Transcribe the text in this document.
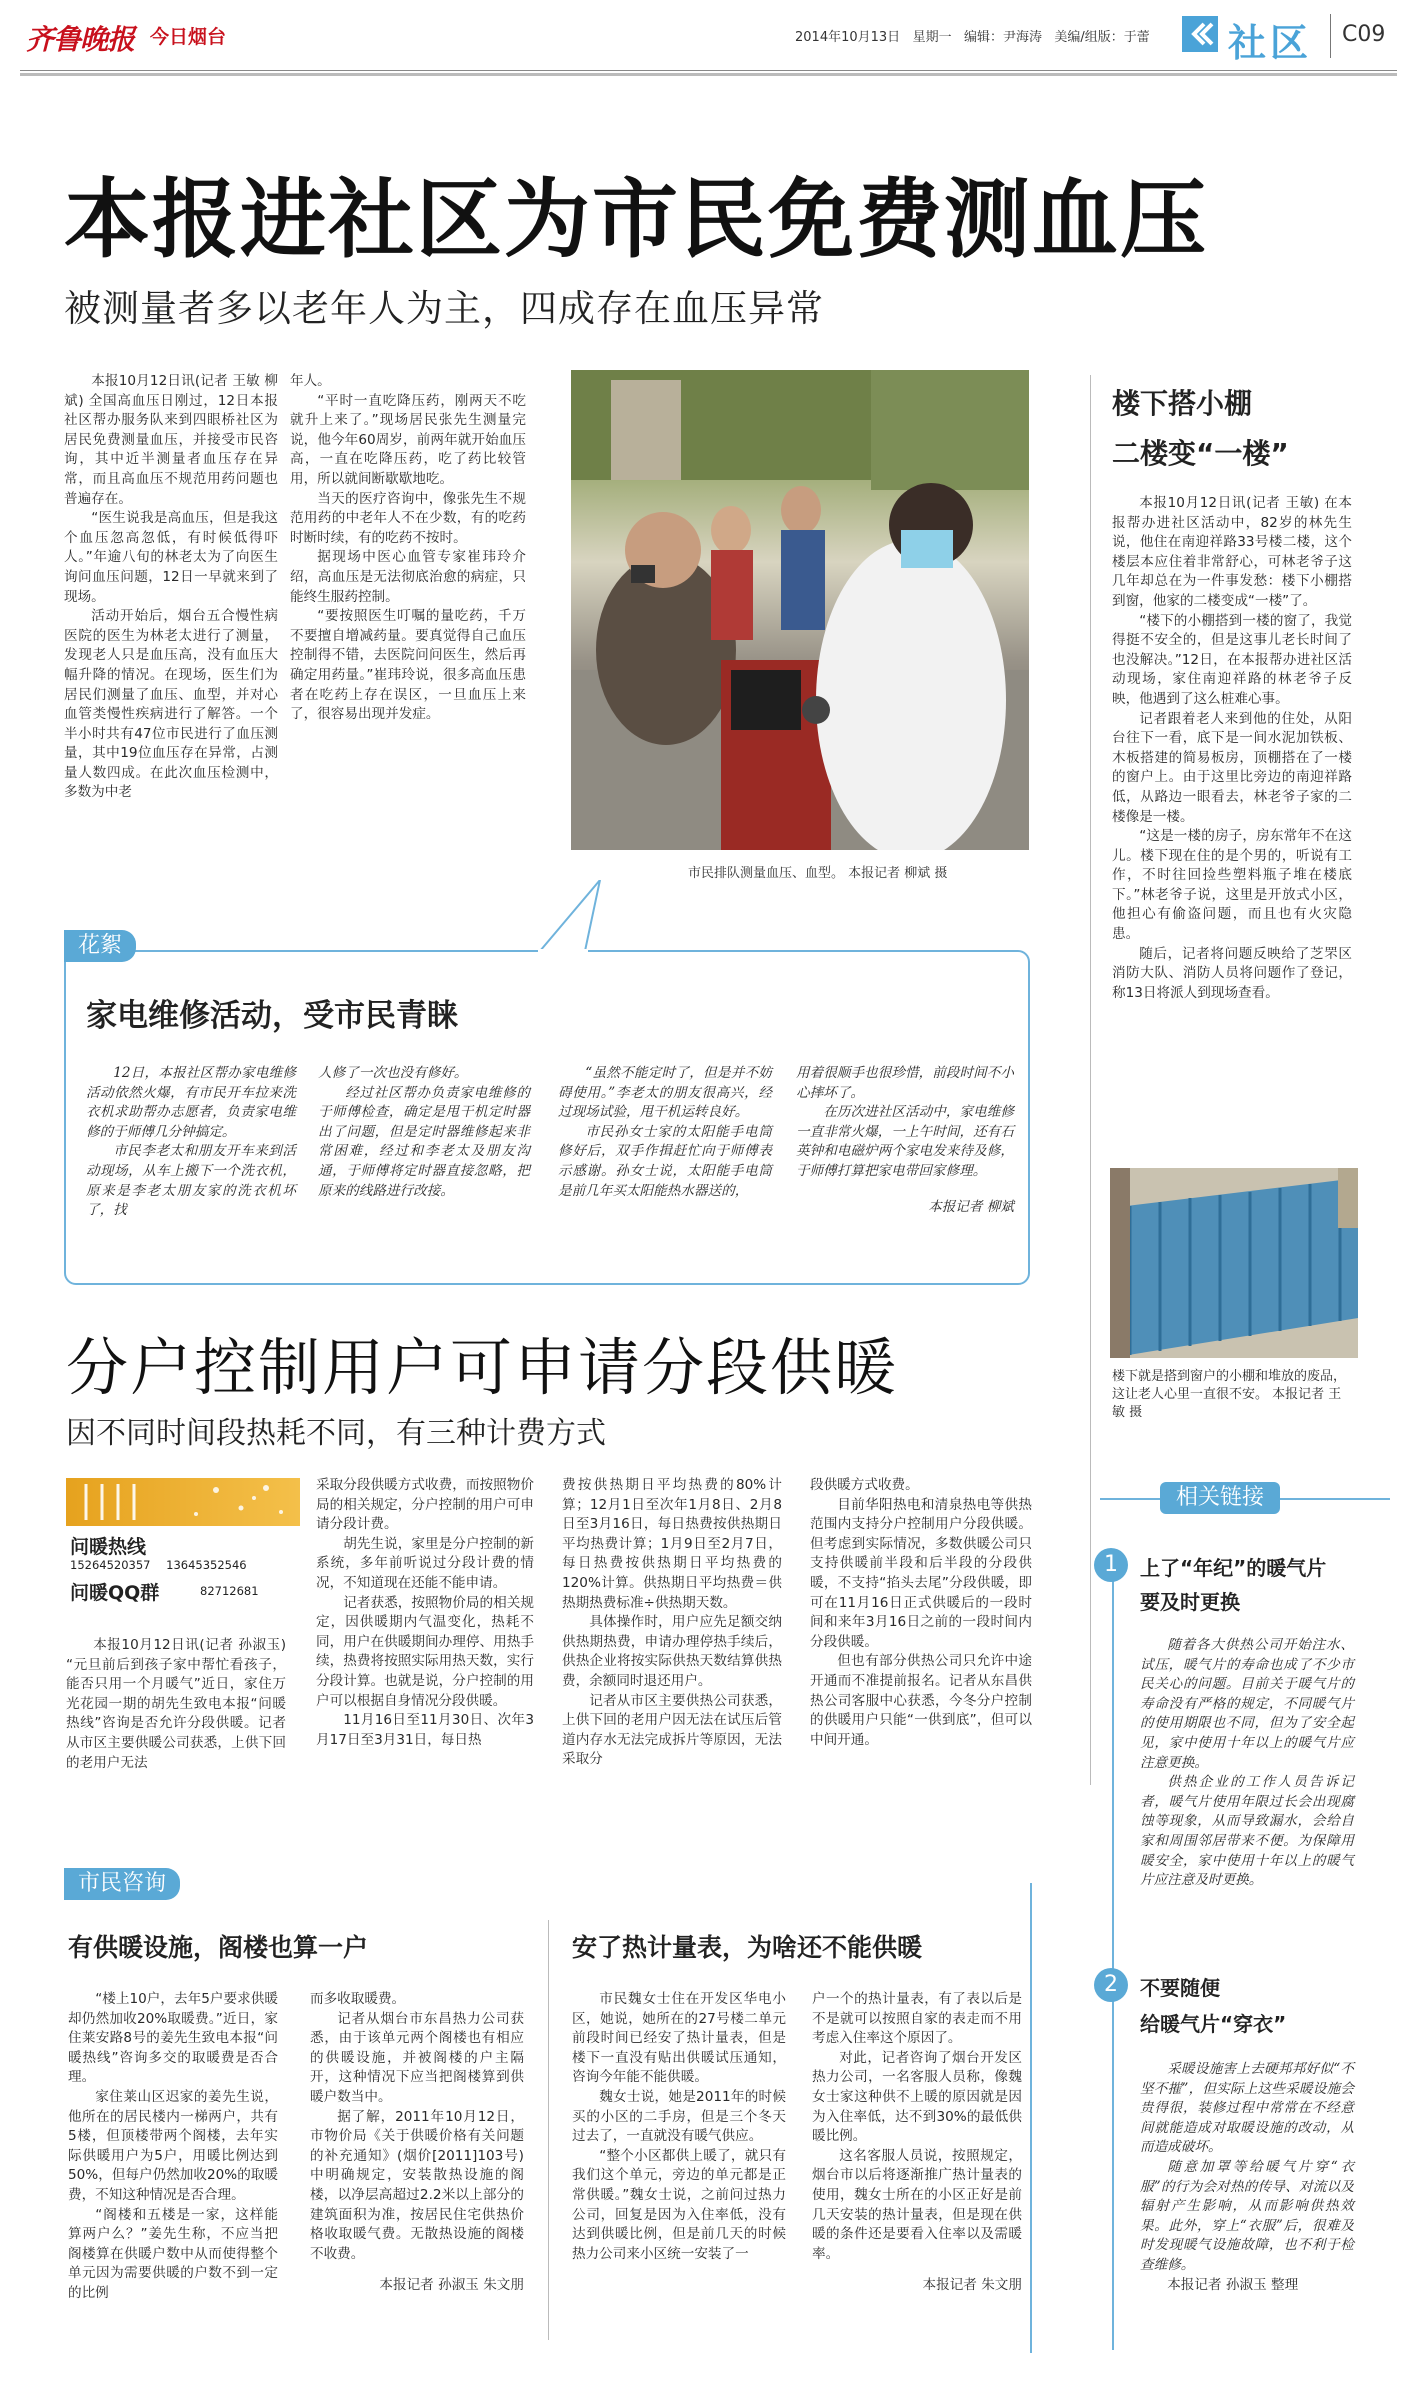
齐鲁晚报 今日烟台	2014年10月13日 星期一 编辑：尹海涛 美编/组版：于蕾 社区 C09
本报进社区为市民免费测血压
被测量者多以老年人为主，四成存在血压异常

本报10月12日讯(记者 王敏 柳斌) 全国高血压日刚过，12日本报社区帮办服务队来到四眼桥社区为居民免费测量血压，并接受市民咨询，其中近半测量者血压存在异常，而且高血压不规范用药问题也普遍存在。

“医生说我是高血压，但是我这个血压忽高忽低，有时候低得吓人。”年逾八旬的林老太为了向医生询问血压问题，12日一早就来到了现场。

活动开始后，烟台五合慢性病医院的医生为林老太进行了测量，发现老人只是血压高，没有血压大幅升降的情况。在现场，医生们为居民们测量了血压、血型，并对心血管类慢性疾病进行了解答。一个半小时共有47位市民进行了血压测量，其中19位血压存在异常，占测量人数四成。在此次血压检测中，多数为中老

年人。

“平时一直吃降压药，刚两天不吃就升上来了。”现场居民张先生测量完说，他今年60周岁，前两年就开始血压高，一直在吃降压药，吃了药比较管用，所以就间断歇歇地吃。

当天的医疗咨询中，像张先生不规范用药的中老年人不在少数，有的吃药时断时续，有的吃药不按时。

据现场中医心血管专家崔玮玲介绍，高血压是无法彻底治愈的病症，只能终生服药控制。

“要按照医生叮嘱的量吃药，千万不要擅自增减药量。要真觉得自己血压控制得不错，去医院问问医生，然后再确定用药量。”崔玮玲说，很多高血压患者在吃药上存在误区，一旦血压上来了，很容易出现并发症。

市民排队测量血压、血型。 本报记者 柳斌 摄
花絮
家电维修活动，受市民青睐

12日，本报社区帮办家电维修活动依然火爆，有市民开车拉来洗衣机求助帮办志愿者，负责家电维修的于师傅几分钟搞定。

市民李老太和朋友开车来到活动现场，从车上搬下一个洗衣机，原来是李老太朋友家的洗衣机坏了，找

人修了一次也没有修好。

经过社区帮办负责家电维修的于师傅检查，确定是甩干机定时器出了问题，但是定时器维修起来非常困难，经过和李老太及朋友沟通，于师傅将定时器直接忽略，把原来的线路进行改接。

“虽然不能定时了，但是并不妨碍使用。”李老太的朋友很高兴，经过现场试验，甩干机运转良好。

市民孙女士家的太阳能手电筒修好后，双手作揖赶忙向于师傅表示感谢。孙女士说，太阳能手电筒是前几年买太阳能热水器送的，

用着很顺手也很珍惜，前段时间不小心摔坏了。

在历次进社区活动中，家电维修一直非常火爆，一上午时间，还有石英钟和电磁炉两个家电发来待及修，于师傅打算把家电带回家修理。

本报记者 柳斌
楼下搭小棚
二楼变“一楼”

本报10月12日讯(记者 王敏) 在本报帮办进社区活动中，82岁的林先生说，他住在南迎祥路33号楼二楼，这个楼层本应住着非常舒心，可林老爷子这几年却总在为一件事发愁：楼下小棚搭到窗，他家的二楼变成“一楼”了。

“楼下的小棚搭到一楼的窗了，我觉得挺不安全的，但是这事儿老长时间了也没解决。”12日，在本报帮办进社区活动现场，家住南迎祥路的林老爷子反映，他遇到了这么桩难心事。

记者跟着老人来到他的住处，从阳台往下一看，底下是一间水泥加铁板、木板搭建的简易板房，顶棚搭在了一楼的窗户上。由于这里比旁边的南迎祥路低，从路边一眼看去，林老爷子家的二楼像是一楼。

“这是一楼的房子，房东常年不在这儿。楼下现在住的是个男的，听说有工作，不时往回捡些塑料瓶子堆在楼底下。”林老爷子说，这里是开放式小区，他担心有偷盗问题，而且也有火灾隐患。

随后，记者将问题反映给了芝罘区消防大队、消防人员将问题作了登记，称13日将派人到现场查看。

楼下就是搭到窗户的小棚和堆放的废品，这让老人心里一直很不安。 本报记者 王敏 摄
分户控制用户可申请分段供暖
因不同时间段热耗不同，有三种计费方式
问暖热线
15264520357 13645352546
问暖QQ群	82712681

本报10月12日讯(记者 孙淑玉) “元旦前后到孩子家中帮忙看孩子，能否只用一个月暖气”近日，家住万光花园一期的胡先生致电本报“问暖热线”咨询是否允许分段供暖。记者从市区主要供暖公司获悉，上供下回的老用户无法

采取分段供暖方式收费，而按照物价局的相关规定，分户控制的用户可申请分段计费。

胡先生说，家里是分户控制的新系统，多年前听说过分段计费的情况，不知道现在还能不能申请。

记者获悉，按照物价局的相关规定，因供暖期内气温变化，热耗不同，用户在供暖期间办理停、用热手续，热费将按照实际用热天数，实行分段计算。也就是说，分户控制的用户可以根据自身情况分段供暖。

11月16日至11月30日、次年3月17日至3月31日，每日热

费按供热期日平均热费的80%计算；12月1日至次年1月8日、2月8日至3月16日，每日热费按供热期日平均热费计算；1月9日至2月7日，每日热费按供热期日平均热费的120%计算。供热期日平均热费＝供热期热费标准÷供热期天数。

具体操作时，用户应先足额交纳供热期热费，申请办理停热手续后，供热企业将按实际供热天数结算供热费，余额同时退还用户。

记者从市区主要供热公司获悉，上供下回的老用户因无法在试压后管道内存水无法完成拆片等原因，无法采取分

段供暖方式收费。

目前华阳热电和清泉热电等供热范围内支持分户控制用户分段供暖。但考虑到实际情况，多数供暖公司只支持供暖前半段和后半段的分段供暖，不支持“掐头去尾”分段供暖，即可在11月16日正式供暖后的一段时间和来年3月16日之前的一段时间内分段供暖。

但也有部分供热公司只允许中途开通而不准提前报名。记者从东昌供热公司客服中心获悉，今冬分户控制的供暖用户只能“一供到底”，但可以中间开通。

相关链接
1	上了“年纪”的暖气片
要及时更换

随着各大供热公司开始注水、试压，暖气片的寿命也成了不少市民关心的问题。目前关于暖气片的寿命没有严格的规定，不同暖气片的使用期限也不同，但为了安全起见，家中使用十年以上的暖气片应注意更换。

供热企业的工作人员告诉记者，暖气片使用年限过长会出现腐蚀等现象，从而导致漏水，会给自家和周围邻居带来不便。为保障用暖安全，家中使用十年以上的暖气片应注意及时更换。

2	不要随便
给暖气片“穿衣”

采暖设施害上去硬邦邦好似“不坚不摧”，但实际上这些采暖设施会贵得很，装修过程中常常在不经意间就能造成对取暖设施的改动，从而造成破坏。

随意加罩等给暖气片穿“衣服”的行为会对热的传导、对流以及辐射产生影响，从而影响供热效果。此外，穿上“衣服”后，很难及时发现暖气设施故障，也不利于检查维修。

本报记者 孙淑玉 整理
市民咨询
有供暖设施，阁楼也算一户

“楼上10户，去年5户要求供暖却仍然加收20%取暖费。”近日，家住莱安路8号的姜先生致电本报“问暖热线”咨询多交的取暖费是否合理。

家住莱山区迟家的姜先生说，他所在的居民楼内一梯两户，共有5楼，但顶楼带两个阁楼，去年实际供暖用户为5户，用暖比例达到50%，但每户仍然加收20%的取暖费，不知这种情况是否合理。

“阁楼和五楼是一家，这样能算两户么？”姜先生称，不应当把阁楼算在供暖户数中从而使得整个单元因为需要供暖的户数不到一定的比例

而多收取暖费。

记者从烟台市东昌热力公司获悉，由于该单元两个阁楼也有相应的供暖设施，并被阁楼的户主隔开，这种情况下应当把阁楼算到供暖户数当中。

据了解，2011年10月12日，市物价局《关于供暖价格有关问题的补充通知》(烟价[2011]103号)中明确规定，安装散热设施的阁楼，以净层高超过2.2米以上部分的建筑面积为准，按居民住宅供热价格收取暖气费。无散热设施的阁楼不收费。

本报记者 孙淑玉 朱文朋
安了热计量表，为啥还不能供暖

市民魏女士住在开发区华电小区，她说，她所在的27号楼二单元前段时间已经安了热计量表，但是楼下一直没有贴出供暖试压通知，咨询今年能不能供暖。

魏女士说，她是2011年的时候买的小区的二手房，但是三个冬天过去了，一直就没有暖气供应。

“整个小区都供上暖了，就只有我们这个单元，旁边的单元都是正常供暖。”魏女士说，之前问过热力公司，回复是因为入住率低，没有达到供暖比例，但是前几天的时候热力公司来小区统一安装了一

户一个的热计量表，有了表以后是不是就可以按照自家的表走而不用考虑入住率这个原因了。

对此，记者咨询了烟台开发区热力公司，一名客服人员称，像魏女士家这种供不上暖的原因就是因为入住率低，达不到30%的最低供暖比例。

这名客服人员说，按照规定，烟台市以后将逐渐推广热计量表的使用，魏女士所在的小区正好是前几天安装的热计量表，但是现在供暖的条件还是要看入住率以及需暖率。

本报记者 朱文朋
